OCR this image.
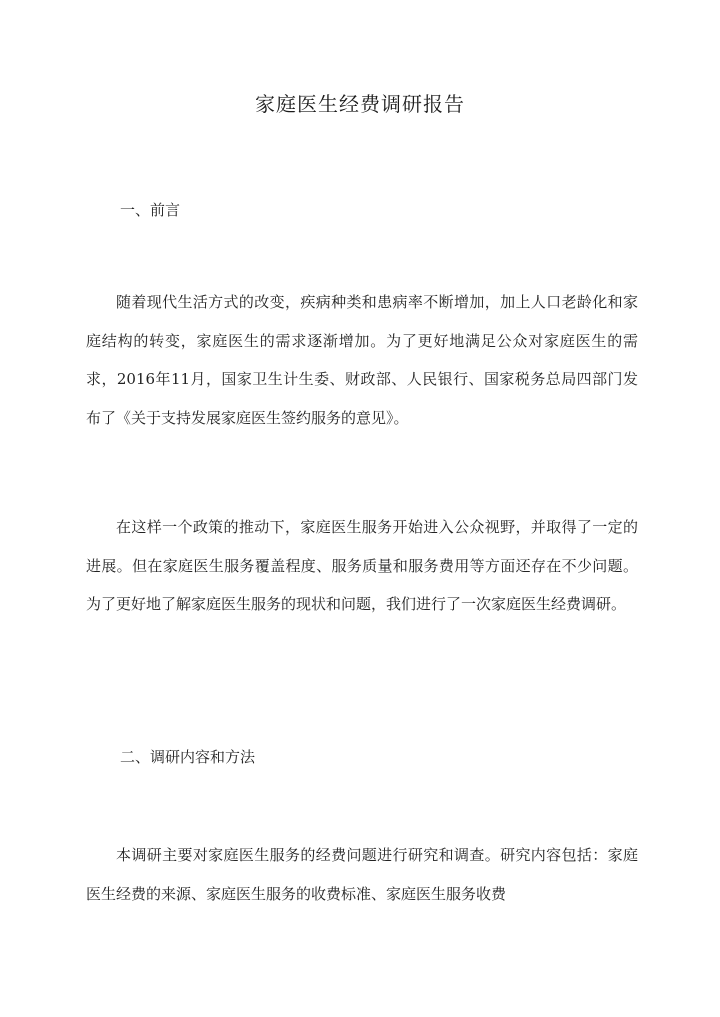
家庭医生经费调研报告
一、前言

随着现代生活方式的改变，疾病种类和患病率不断增加，加上人口老龄化和家庭结构的转变，家庭医生的需求逐渐增加。为了更好地满足公众对家庭医生的需求，2016年11月，国家卫生计生委、财政部、人民银行、国家税务总局四部门发布了《关于支持发展家庭医生签约服务的意见》。

在这样一个政策的推动下，家庭医生服务开始进入公众视野，并取得了一定的进展。但在家庭医生服务覆盖程度、服务质量和服务费用等方面还存在不少问题。为了更好地了解家庭医生服务的现状和问题，我们进行了一次家庭医生经费调研。

二、调研内容和方法

本调研主要对家庭医生服务的经费问题进行研究和调查。研究内容包括：家庭医生经费的来源、家庭医生服务的收费标准、家庭医生服务收费
